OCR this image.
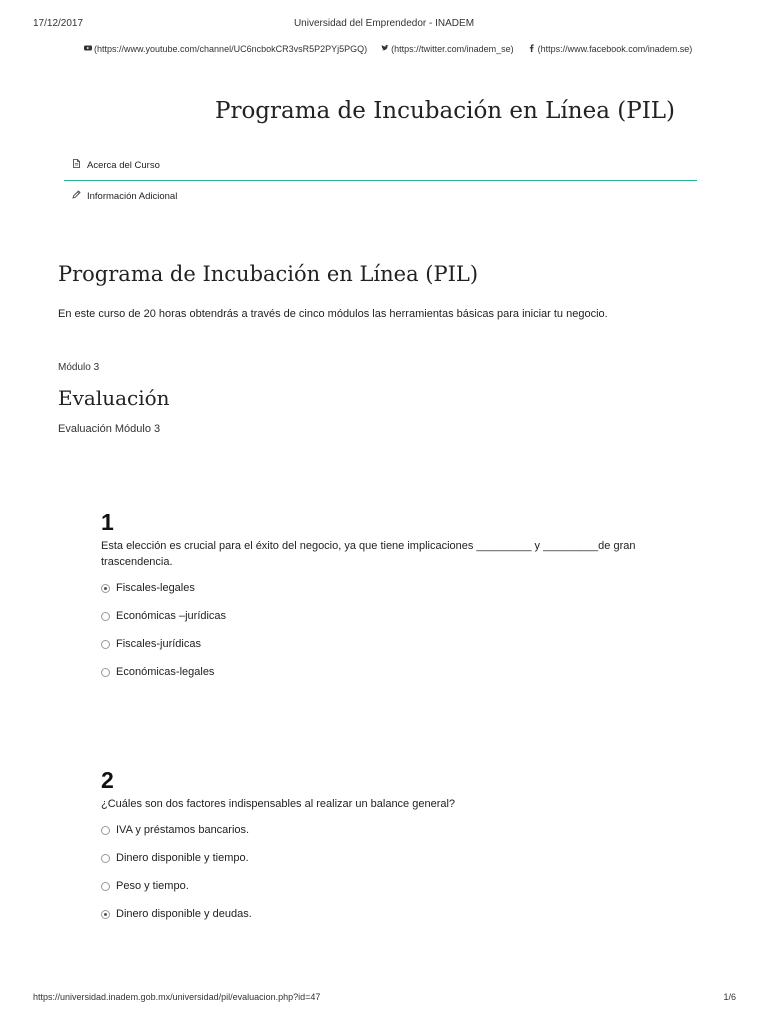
17/12/2017	Universidad del Emprendedor - INADEM
(https://www.youtube.com/channel/UC6ncbokCR3vsR5P2PYj5PGQ)	(https://twitter.com/inadem_se)	(https://www.facebook.com/inadem.se)
Programa de Incubación en Línea (PIL)
Acerca del Curso
Información Adicional
Programa de Incubación en Línea (PIL)
En este curso de 20 horas obtendrás a través de cinco módulos las herramientas básicas para iniciar tu negocio.
Módulo 3
Evaluación
Evaluación Módulo 3
1
Esta elección es crucial para el éxito del negocio, ya que tiene implicaciones _________ y _________de gran trascendencia.
Fiscales-legales
Económicas –jurídicas
Fiscales-jurídicas
Económicas-legales
2
¿Cuáles son dos factores indispensables al realizar un balance general?
IVA y préstamos bancarios.
Dinero disponible y tiempo.
Peso y tiempo.
Dinero disponible y deudas.
https://universidad.inadem.gob.mx/universidad/pil/evaluacion.php?id=47	1/6
